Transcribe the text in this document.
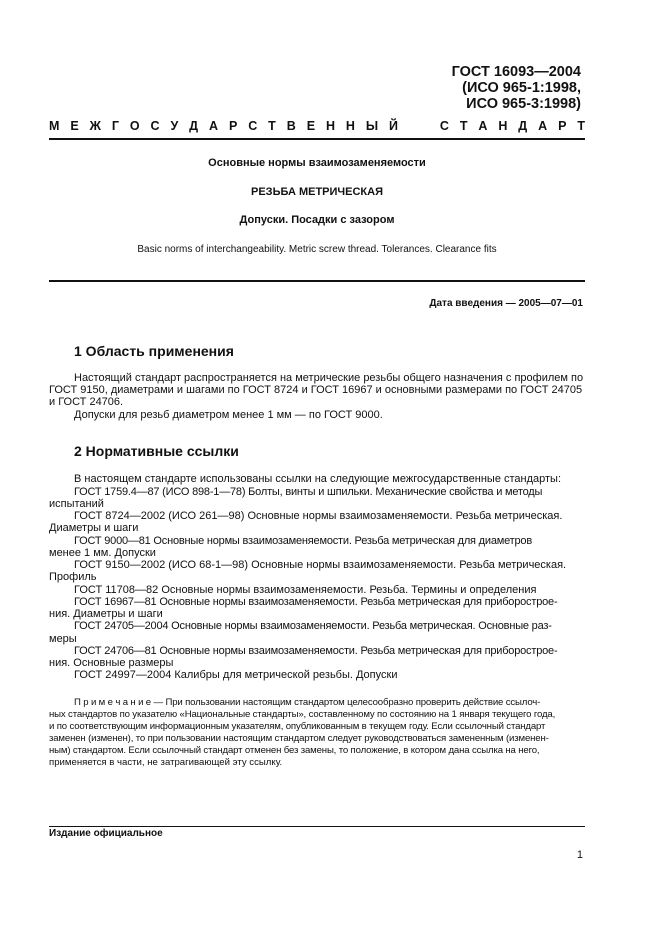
ГОСТ 16093—2004
(ИСО 965-1:1998,
ИСО 965-3:1998)
М Е Ж Г О С У Д А Р С Т В Е Н Н Ы Й	С Т А Н Д А Р Т
Основные нормы взаимозаменяемости
РЕЗЬБА МЕТРИЧЕСКАЯ
Допуски. Посадки с зазором
Basic norms of interchangeability. Metric screw thread. Tolerances. Clearance fits
Дата введения — 2005—07—01
1 Область применения
Настоящий стандарт распространяется на метрические резьбы общего назначения с профилем по
ГОСТ 9150, диаметрами и шагами по ГОСТ 8724 и ГОСТ 16967 и основными размерами по ГОСТ 24705
и ГОСТ 24706.
Допуски для резьб диаметром менее 1 мм — по ГОСТ 9000.
2 Нормативные ссылки
В настоящем стандарте использованы ссылки на следующие межгосударственные стандарты:
ГОСТ 1759.4—87 (ИСО 898-1—78) Болты, винты и шпильки. Механические свойства и методы
испытаний
ГОСТ 8724—2002 (ИСО 261—98) Основные нормы взаимозаменяемости. Резьба метрическая.
Диаметры и шаги
ГОСТ 9000—81 Основные нормы взаимозаменяемости. Резьба метрическая для диаметров
менее 1 мм. Допуски
ГОСТ 9150—2002 (ИСО 68-1—98) Основные нормы взаимозаменяемости. Резьба метрическая.
Профиль
ГОСТ 11708—82 Основные нормы взаимозаменяемости. Резьба. Термины и определения
ГОСТ 16967—81 Основные нормы взаимозаменяемости. Резьба метрическая для приборострое-
ния. Диаметры и шаги
ГОСТ 24705—2004 Основные нормы взаимозаменяемости. Резьба метрическая. Основные раз-
меры
ГОСТ 24706—81 Основные нормы взаимозаменяемости. Резьба метрическая для приборострое-
ния. Основные размеры
ГОСТ 24997—2004 Калибры для метрической резьбы. Допуски
П р и м е ч а н и е — При пользовании настоящим стандартом целесообразно проверить действие ссылоч-
ных стандартов по указателю «Национальные стандарты», составленному по состоянию на 1 января текущего года,
и по соответствующим информационным указателям, опубликованным в текущем году. Если ссылочный стандарт
заменен (изменен), то при пользовании настоящим стандартом следует руководствоваться замененным (изменен-
ным) стандартом. Если ссылочный стандарт отменен без замены, то положение, в котором дана ссылка на него,
применяется в части, не затрагивающей эту ссылку.
Издание официальное
1
